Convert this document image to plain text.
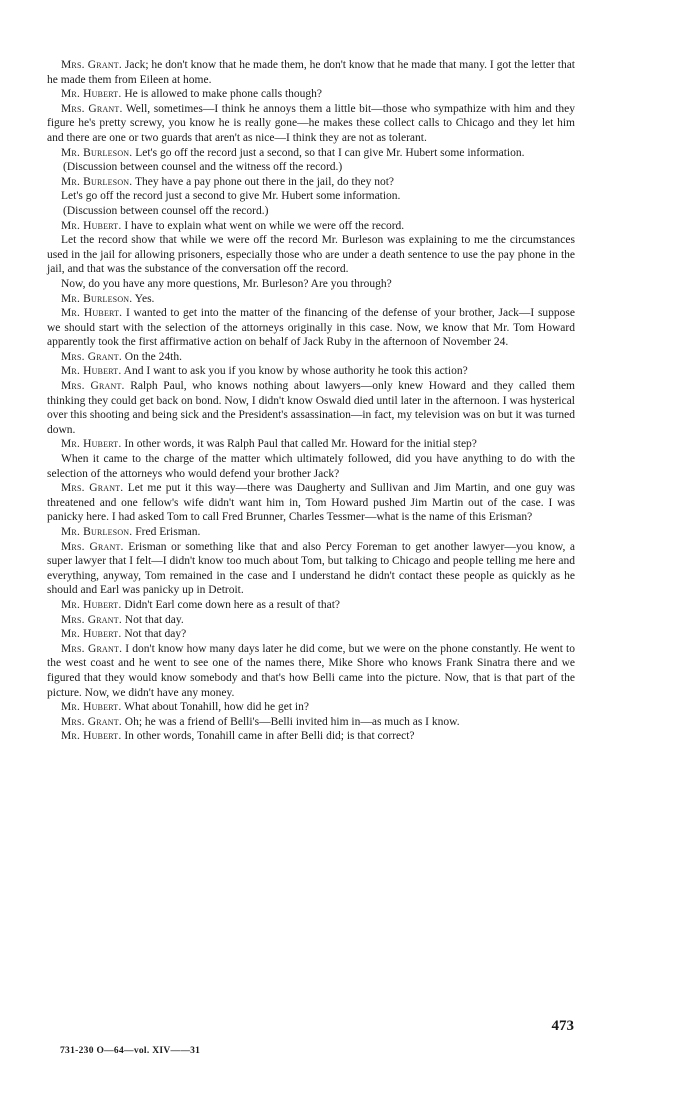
Mrs. Grant. Jack; he don't know that he made them, he don't know that he made that many. I got the letter that he made them from Eileen at home.

Mr. Hubert. He is allowed to make phone calls though?

Mrs. Grant. Well, sometimes—I think he annoys them a little bit—those who sympathize with him and they figure he's pretty screwy, you know he is really gone—he makes these collect calls to Chicago and they let him and there are one or two guards that aren't as nice—I think they are not as tolerant.

Mr. Burleson. Let's go off the record just a second, so that I can give Mr. Hubert some information.

(Discussion between counsel and the witness off the record.)

Mr. Burleson. They have a pay phone out there in the jail, do they not?

Let's go off the record just a second to give Mr. Hubert some information.

(Discussion between counsel off the record.)

Mr. Hubert. I have to explain what went on while we were off the record.

Let the record show that while we were off the record Mr. Burleson was explaining to me the circumstances used in the jail for allowing prisoners, especially those who are under a death sentence to use the pay phone in the jail, and that was the substance of the conversation off the record.

Now, do you have any more questions, Mr. Burleson? Are you through?

Mr. Burleson. Yes.

Mr. Hubert. I wanted to get into the matter of the financing of the defense of your brother, Jack—I suppose we should start with the selection of the attorneys originally in this case. Now, we know that Mr. Tom Howard apparently took the first affirmative action on behalf of Jack Ruby in the afternoon of November 24.

Mrs. Grant. On the 24th.

Mr. Hubert. And I want to ask you if you know by whose authority he took this action?

Mrs. Grant. Ralph Paul, who knows nothing about lawyers—only knew Howard and they called them thinking they could get back on bond. Now, I didn't know Oswald died until later in the afternoon. I was hysterical over this shooting and being sick and the President's assassination—in fact, my television was on but it was turned down.

Mr. Hubert. In other words, it was Ralph Paul that called Mr. Howard for the initial step?

When it came to the charge of the matter which ultimately followed, did you have anything to do with the selection of the attorneys who would defend your brother Jack?

Mrs. Grant. Let me put it this way—there was Daugherty and Sullivan and Jim Martin, and one guy was threatened and one fellow's wife didn't want him in, Tom Howard pushed Jim Martin out of the case. I was panicky here. I had asked Tom to call Fred Brunner, Charles Tessmer—what is the name of this Erisman?

Mr. Burleson. Fred Erisman.

Mrs. Grant. Erisman or something like that and also Percy Foreman to get another lawyer—you know, a super lawyer that I felt—I didn't know too much about Tom, but talking to Chicago and people telling me here and everything, anyway, Tom remained in the case and I understand he didn't contact these people as quickly as he should and Earl was panicky up in Detroit.

Mr. Hubert. Didn't Earl come down here as a result of that?

Mrs. Grant. Not that day.

Mr. Hubert. Not that day?

Mrs. Grant. I don't know how many days later he did come, but we were on the phone constantly. He went to the west coast and he went to see one of the names there, Mike Shore who knows Frank Sinatra there and we figured that they would know somebody and that's how Belli came into the picture. Now, that is that part of the picture. Now, we didn't have any money.

Mr. Hubert. What about Tonahill, how did he get in?

Mrs. Grant. Oh; he was a friend of Belli's—Belli invited him in—as much as I know.

Mr. Hubert. In other words, Tonahill came in after Belli did; is that correct?

473
731-230 O—64—vol. XIV——31
